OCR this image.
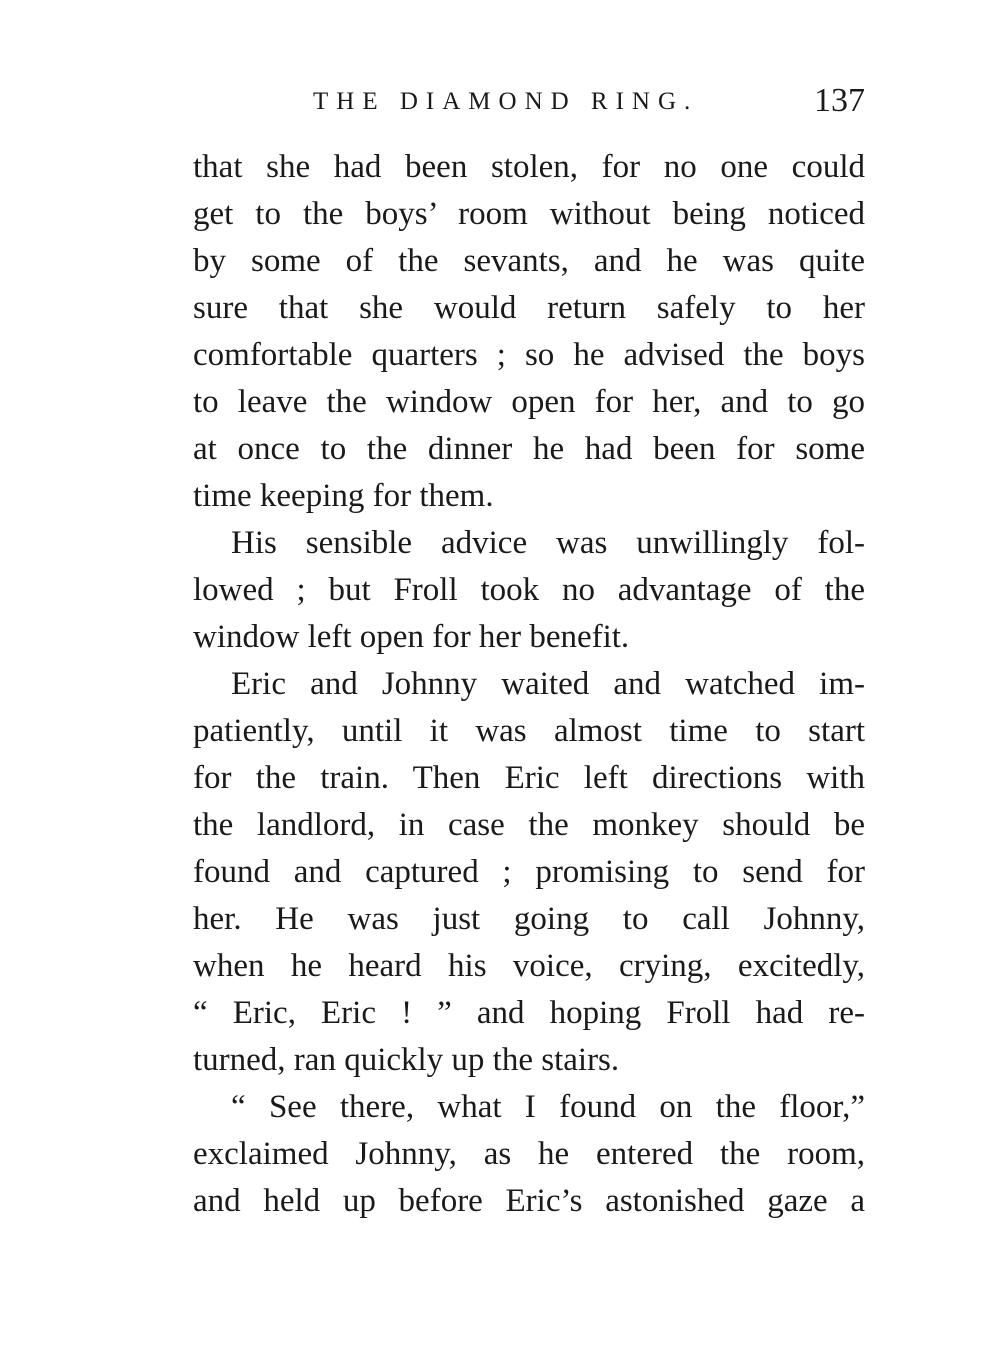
THE DIAMOND RING.	137

that she had been stolen, for no one could
get to the boys’ room without being noticed
by some of the sevants, and he was quite
sure that she would return safely to her
comfortable quarters ; so he advised the boys
to leave the window open for her, and to go
at once to the dinner he had been for some
time keeping for them.

His sensible advice was unwillingly fol-
lowed ; but Froll took no advantage of the
window left open for her benefit.

Eric and Johnny waited and watched im-
patiently, until it was almost time to start
for the train. Then Eric left directions with
the landlord, in case the monkey should be
found and captured ; promising to send for
her. He was just going to call Johnny,
when he heard his voice, crying, excitedly,
“ Eric, Eric ! ” and hoping Froll had re-
turned, ran quickly up the stairs.

“ See there, what I found on the floor,”
exclaimed Johnny, as he entered the room,
and held up before Eric’s astonished gaze a
